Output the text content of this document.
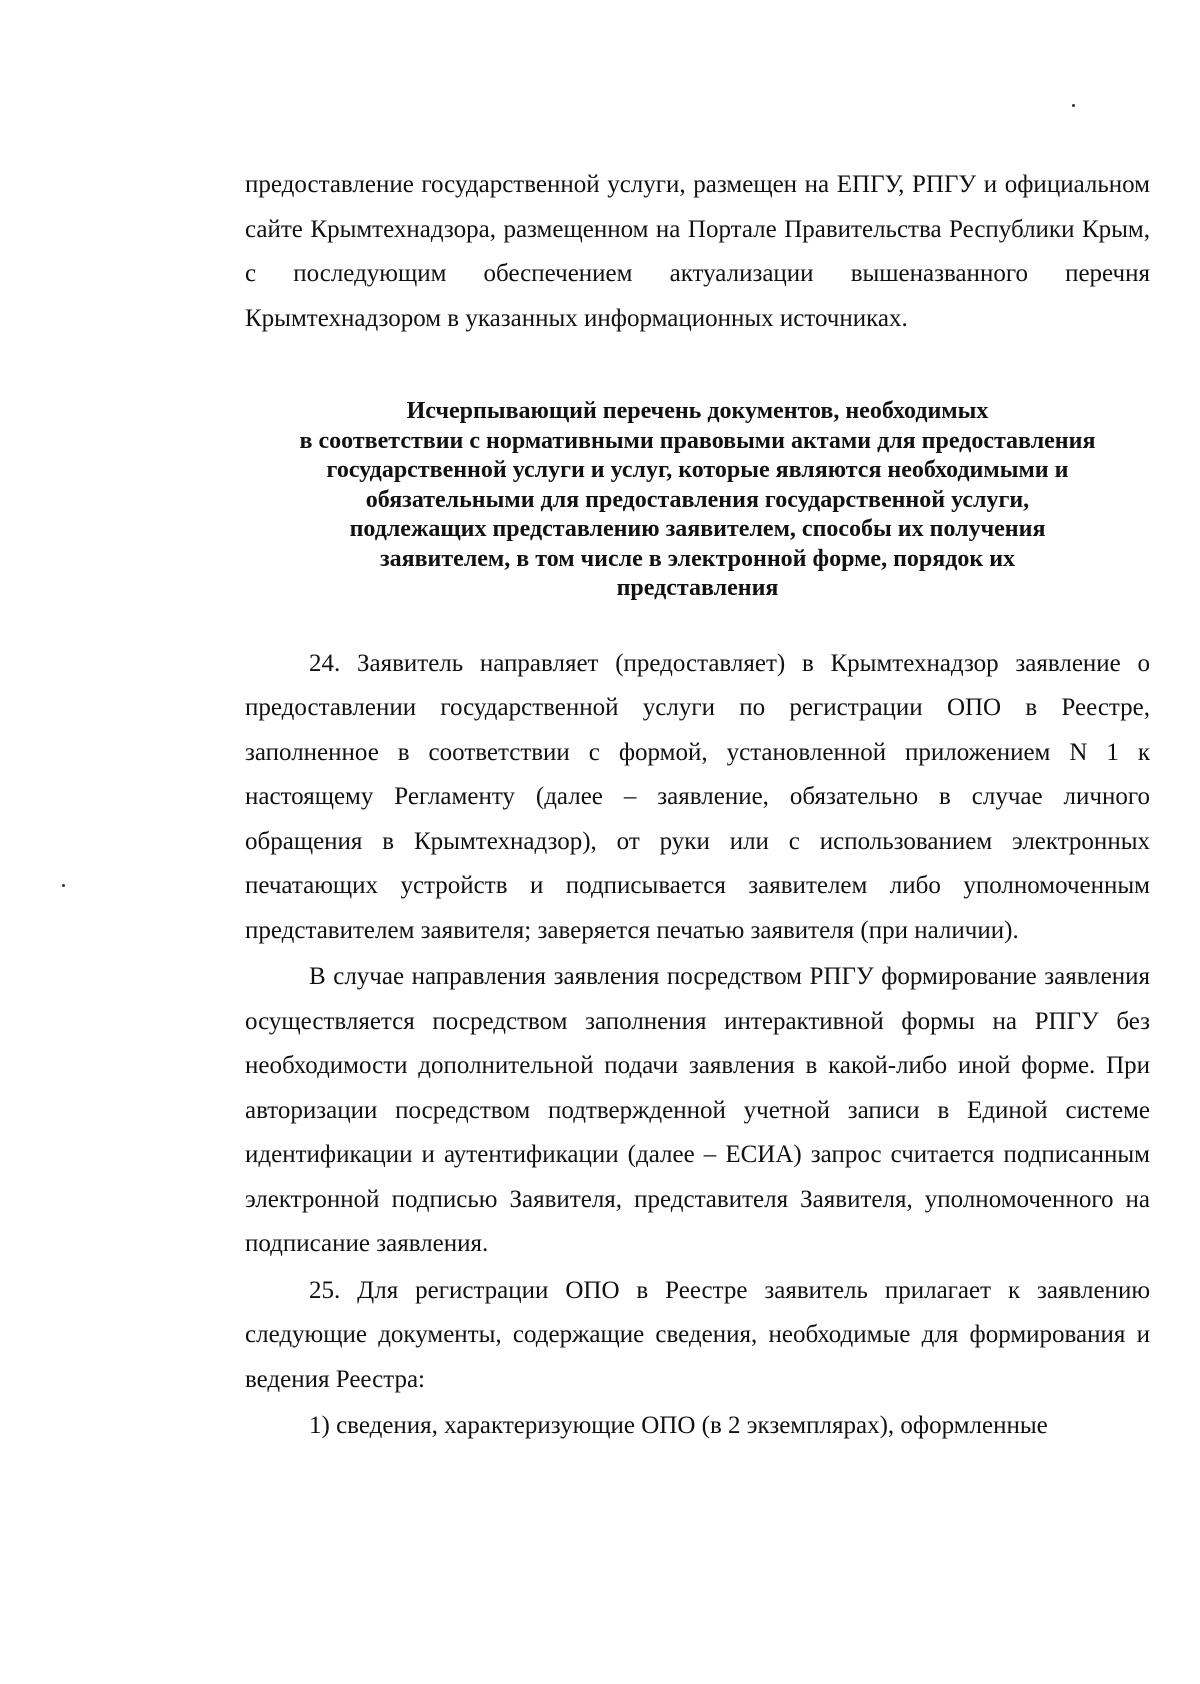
предоставление государственной услуги, размещен на ЕПГУ, РПГУ и официальном сайте Крымтехнадзора, размещенном на Портале Правительства Республики Крым, с последующим обеспечением актуализации вышеназванного перечня Крымтехнадзором в указанных информационных источниках.

Исчерпывающий перечень документов, необходимых
в соответствии с нормативными правовыми актами для предоставления
государственной услуги и услуг, которые являются необходимыми и
обязательными для предоставления государственной услуги,
подлежащих представлению заявителем, способы их получения
заявителем, в том числе в электронной форме, порядок их
представления

24. Заявитель направляет (предоставляет) в Крымтехнадзор заявление о предоставлении государственной услуги по регистрации ОПО в Реестре, заполненное в соответствии с формой, установленной приложением N 1 к настоящему Регламенту (далее – заявление, обязательно в случае личного обращения в Крымтехнадзор), от руки или с использованием электронных печатающих устройств и подписывается заявителем либо уполномоченным представителем заявителя; заверяется печатью заявителя (при наличии).

В случае направления заявления посредством РПГУ формирование заявления осуществляется посредством заполнения интерактивной формы на РПГУ без необходимости дополнительной подачи заявления в какой-либо иной форме. При авторизации посредством подтвержденной учетной записи в Единой системе идентификации и аутентификации (далее – ЕСИА) запрос считается подписанным электронной подписью Заявителя, представителя Заявителя, уполномоченного на подписание заявления.

25. Для регистрации ОПО в Реестре заявитель прилагает к заявлению следующие документы, содержащие сведения, необходимые для формирования и ведения Реестра:

1) сведения, характеризующие ОПО (в 2 экземплярах), оформленные
